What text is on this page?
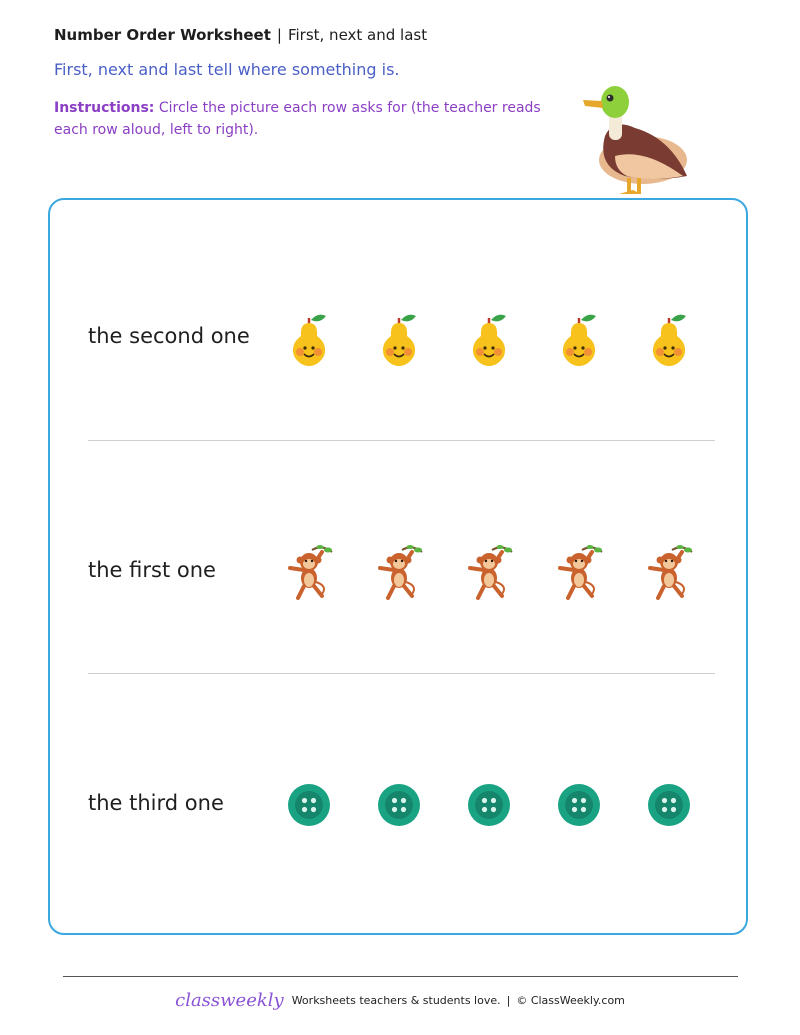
Number Order Worksheet | First, next and last
First, next and last tell where something is.
Instructions: Circle the picture each row asks for (the teacher reads each row aloud, left to right).
the second one
the first one
the third one
classweekly Worksheets teachers & students love. | © ClassWeekly.com
